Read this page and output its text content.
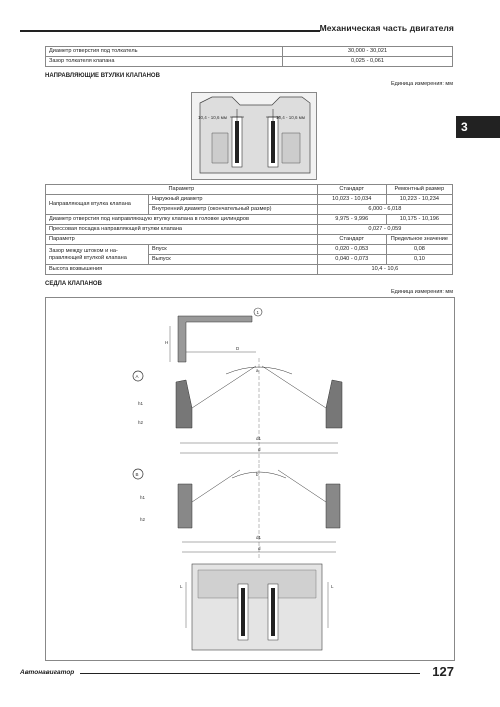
Механическая часть двигателя
3
Диаметр отверстия под толкатель	30,000 - 30,021
Зазор толкателя клапана	0,025 - 0,061
НАПРАВЛЯЮЩИЕ ВТУЛКИ КЛАПАНОВ
Единица измерения: мм
10,4 - 10,6 мм	10,4 - 10,6 мм
Параметр		Стандарт	Ремонтный размер
Направляющая втулка клапана	Наружный диаметр	10,023 - 10,034	10,223 - 10,234
	Внутренний диаметр (окончательный размер)	6,000 - 6,018	
Диаметр отверстия под направляющую втулку клапана в головке цилиндров		9,975 - 9,996	10,175 - 10,196
Прессовая посадка направляющей втулки клапана		0,027 - 0,059	
Параметр		Стандарт	Предельное значение
Зазор между штоком и на-
правляющей втулкой клапана	Впуск	0,020 - 0,053	0,08
	Выпуск	0,040 - 0,073	0,10
Высота возвышения		10,4 - 10,6	
СЕДЛА КЛАПАНОВ
Единица измерения: мм
1
H
D
A
a
d1
d
h1
h2
B	b
d1
d
h1
h2
L	L
Автонавигатор	127
